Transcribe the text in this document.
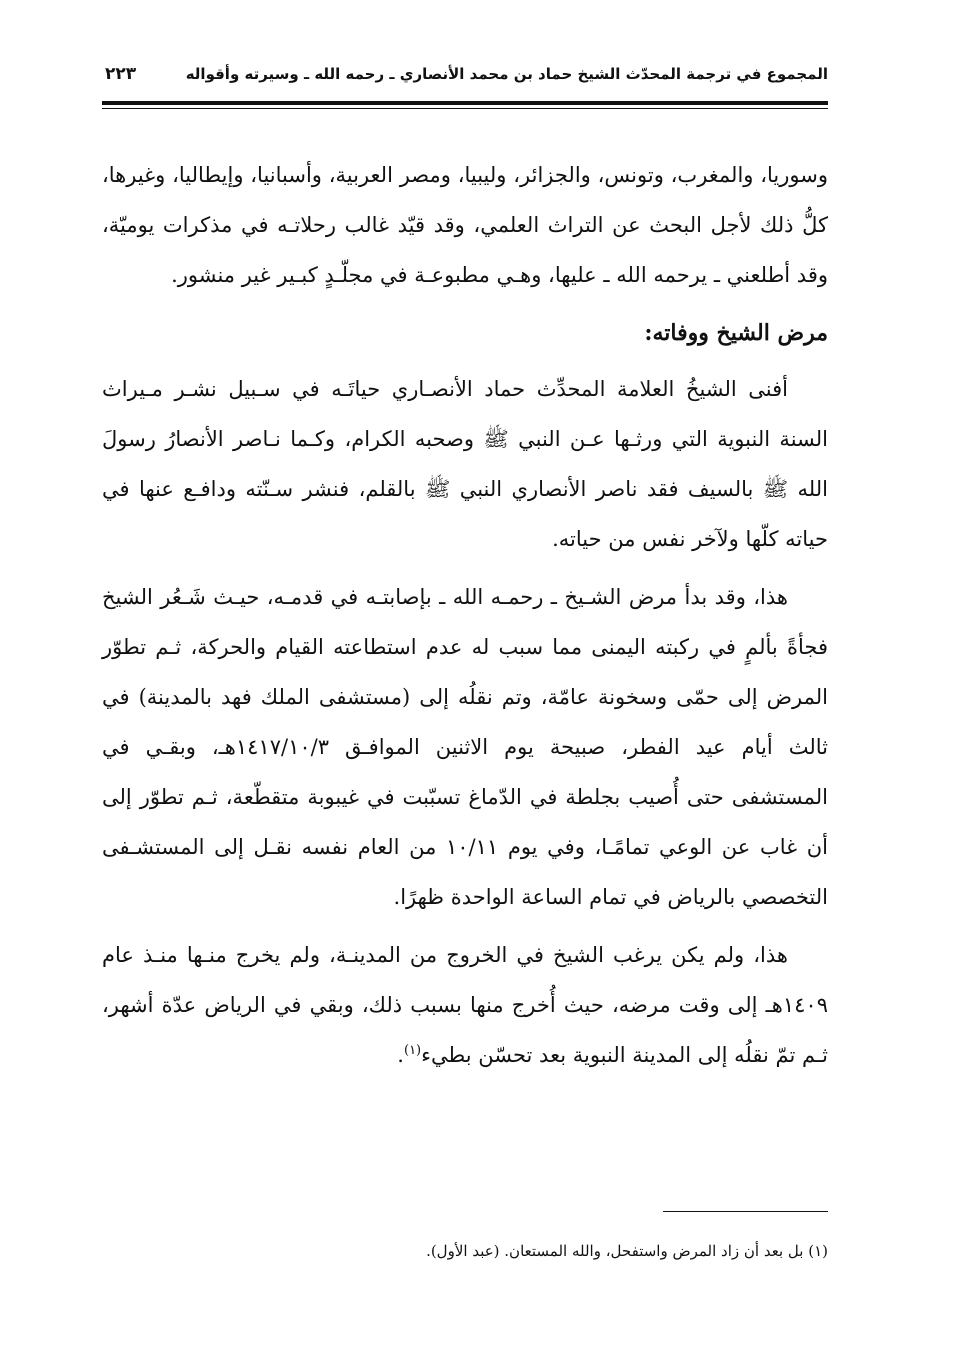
المجموع في ترجمة المحدّث الشيخ حماد بن محمد الأنصاري ـ رحمه الله ـ وسيرته وأقواله
٢٢٣

وسوريا، والمغرب، وتونس، والجزائر، وليبيا، ومصر العربية، وأسبانيا، وإيطاليا، وغيرها، كلُّ ذلك لأجل البحث عن التراث العلمي، وقد قيّد غالب رحلاتـه في مذكرات يوميّة، وقد أطلعني ـ يرحمه الله ـ عليها، وهـي مطبوعـة في مجلّـدٍ كبـير غير منشور.

مرض الشيخ ووفاته:

أفنى الشيخُ العلامة المحدِّث حماد الأنصـاري حياتَـه في سـبيل نشـر مـيراث السنة النبوية التي ورثـها عـن النبي ﷺ وصحبه الكرام، وكـما نـاصر الأنصارُ رسولَ الله ﷺ بالسيف فقد ناصر الأنصاري النبي ﷺ بالقلم، فنشر سـنّته ودافـع عنها في حياته كلّها ولآخر نفس من حياته.

هذا، وقد بدأ مرض الشـيخ ـ رحمـه الله ـ بإصابتـه في قدمـه، حيـث شَـعُر الشيخ فجأةً بألمٍ في ركبته اليمنى مما سبب له عدم استطاعته القيام والحركة، ثـم تطوّر المرض إلى حمّى وسخونة عامّة، وتم نقلُه إلى (مستشفى الملك فهد بالمدينة) في ثالث أيام عيد الفطر، صبيحة يوم الاثنين الموافـق ١٤١٧/١٠/٣هـ، وبقـي في المستشفى حتى أُصيب بجلطة في الدّماغ تسبّبت في غيبوبة متقطّعة، ثـم تطوّر إلى أن غاب عن الوعي تمامًـا، وفي يوم ١٠/١١ من العام نفسه نقـل إلى المستشـفى التخصصي بالرياض في تمام الساعة الواحدة ظهرًا.

هذا، ولم يكن يرغب الشيخ في الخروج من المدينـة، ولم يخرج منـها منـذ عام ١٤٠٩هـ إلى وقت مرضه، حيث أُخرج منها بسبب ذلك، وبقي في الرياض عدّة أشهر، ثـم تمّ نقلُه إلى المدينة النبوية بعد تحسّن بطيء$^{(١)}$.

(١) بل بعد أن زاد المرض واستفحل، والله المستعان. (عبد الأول).
